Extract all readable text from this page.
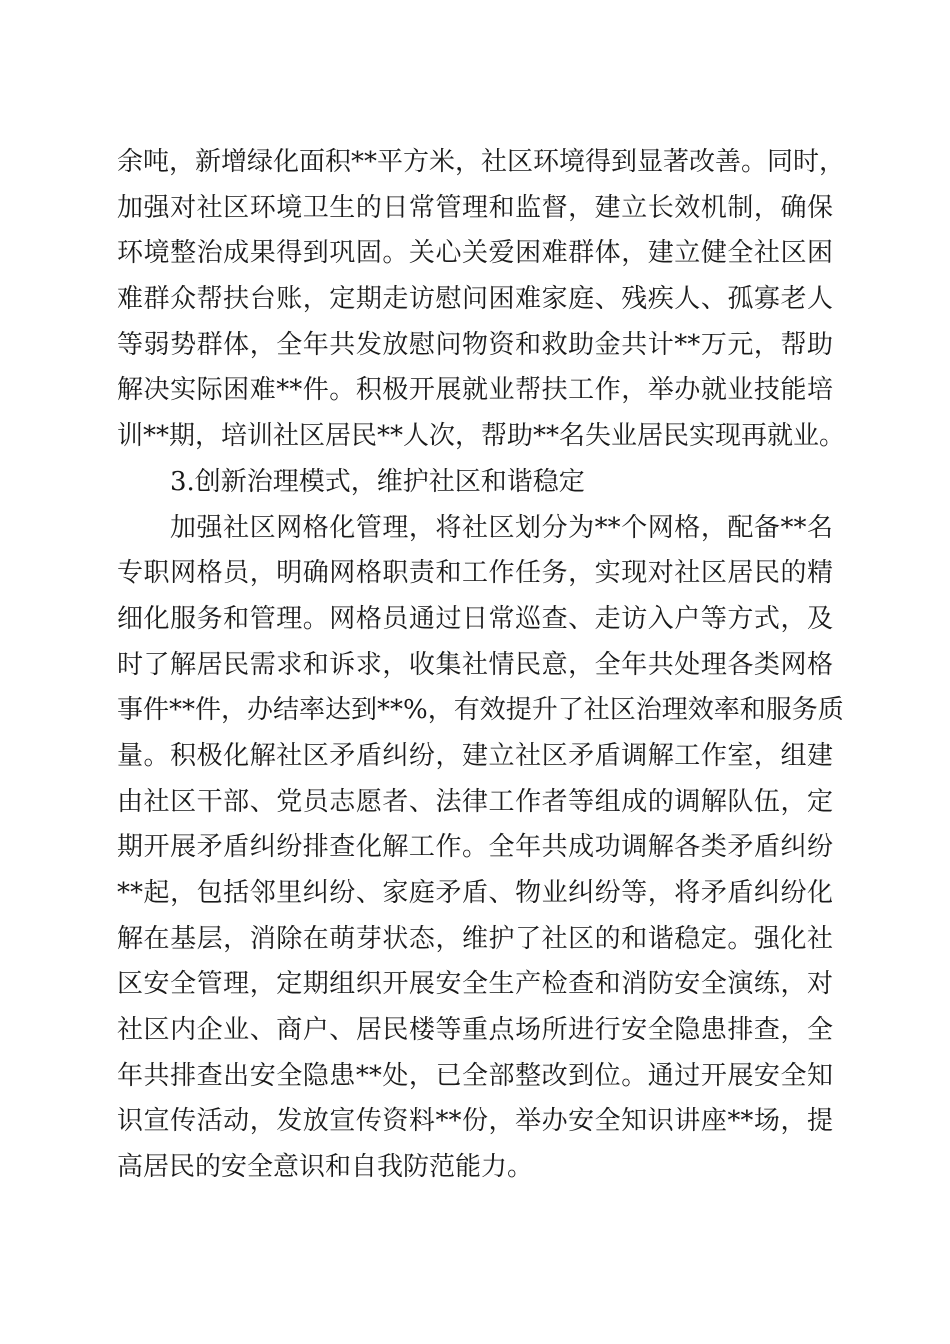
余吨，新增绿化面积**平方米，社区环境得到显著改善。同时，
加强对社区环境卫生的日常管理和监督，建立长效机制，确保
环境整治成果得到巩固。关心关爱困难群体，建立健全社区困
难群众帮扶台账，定期走访慰问困难家庭、残疾人、孤寡老人
等弱势群体，全年共发放慰问物资和救助金共计**万元，帮助
解决实际困难**件。积极开展就业帮扶工作，举办就业技能培
训**期，培训社区居民**人次，帮助**名失业居民实现再就业。
3.创新治理模式，维护社区和谐稳定
加强社区网格化管理，将社区划分为**个网格，配备**名
专职网格员，明确网格职责和工作任务，实现对社区居民的精
细化服务和管理。网格员通过日常巡查、走访入户等方式，及
时了解居民需求和诉求，收集社情民意，全年共处理各类网格
事件**件，办结率达到**%，有效提升了社区治理效率和服务质
量。积极化解社区矛盾纠纷，建立社区矛盾调解工作室，组建
由社区干部、党员志愿者、法律工作者等组成的调解队伍，定
期开展矛盾纠纷排查化解工作。全年共成功调解各类矛盾纠纷
**起，包括邻里纠纷、家庭矛盾、物业纠纷等，将矛盾纠纷化
解在基层，消除在萌芽状态，维护了社区的和谐稳定。强化社
区安全管理，定期组织开展安全生产检查和消防安全演练，对
社区内企业、商户、居民楼等重点场所进行安全隐患排查，全
年共排查出安全隐患**处，已全部整改到位。通过开展安全知
识宣传活动，发放宣传资料**份，举办安全知识讲座**场，提
高居民的安全意识和自我防范能力。
